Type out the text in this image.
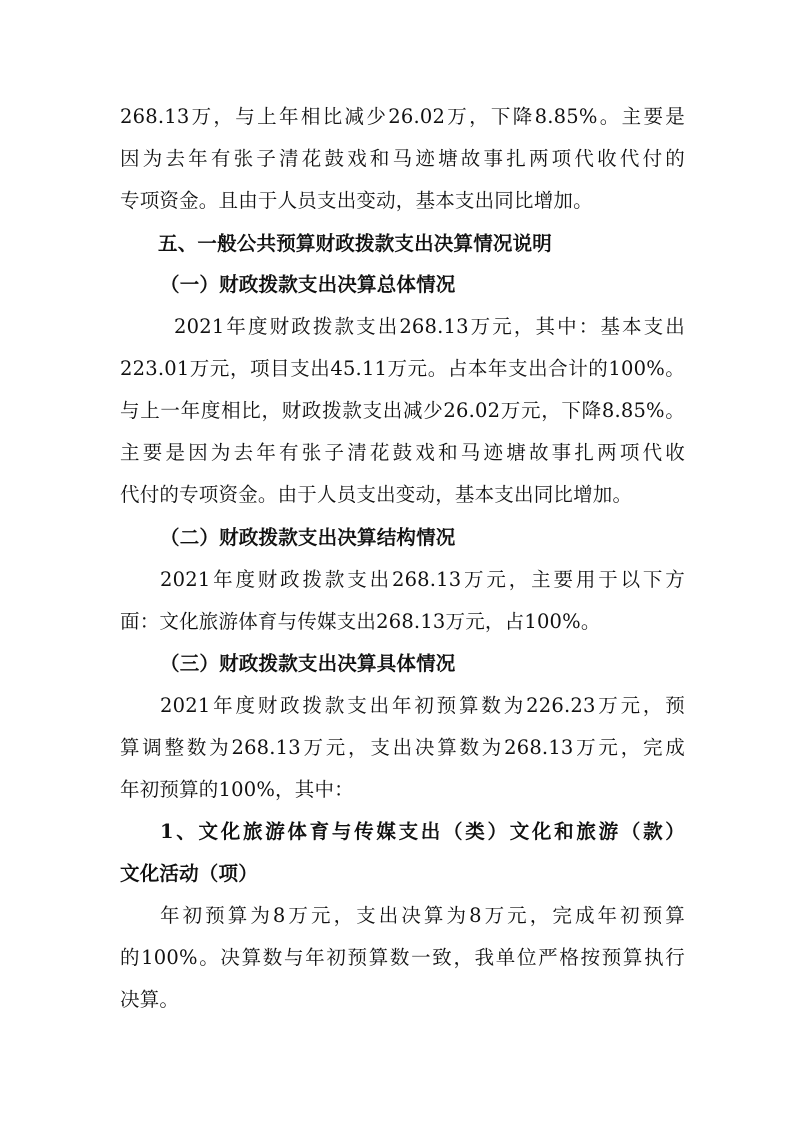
268.13万，与上年相比减少26.02万，下降8.85%。主要是
因为去年有张子清花鼓戏和马迹塘故事扎两项代收代付的
专项资金。且由于人员支出变动，基本支出同比增加。
五、一般公共预算财政拨款支出决算情况说明
（一）财政拨款支出决算总体情况
2021年度财政拨款支出268.13万元，其中：基本支出
223.01万元，项目支出45.11万元。占本年支出合计的100%。
与上一年度相比，财政拨款支出减少26.02万元，下降8.85%。
主要是因为去年有张子清花鼓戏和马迹塘故事扎两项代收
代付的专项资金。由于人员支出变动，基本支出同比增加。
（二）财政拨款支出决算结构情况
2021年度财政拨款支出268.13万元，主要用于以下方
面：文化旅游体育与传媒支出268.13万元，占100%。
（三）财政拨款支出决算具体情况
2021年度财政拨款支出年初预算数为226.23万元，预
算调整数为268.13万元，支出决算数为268.13万元，完成
年初预算的100%，其中：
1、文化旅游体育与传媒支出（类）文化和旅游（款）
文化活动（项）
年初预算为8万元，支出决算为8万元，完成年初预算
的100%。决算数与年初预算数一致，我单位严格按预算执行
决算。
